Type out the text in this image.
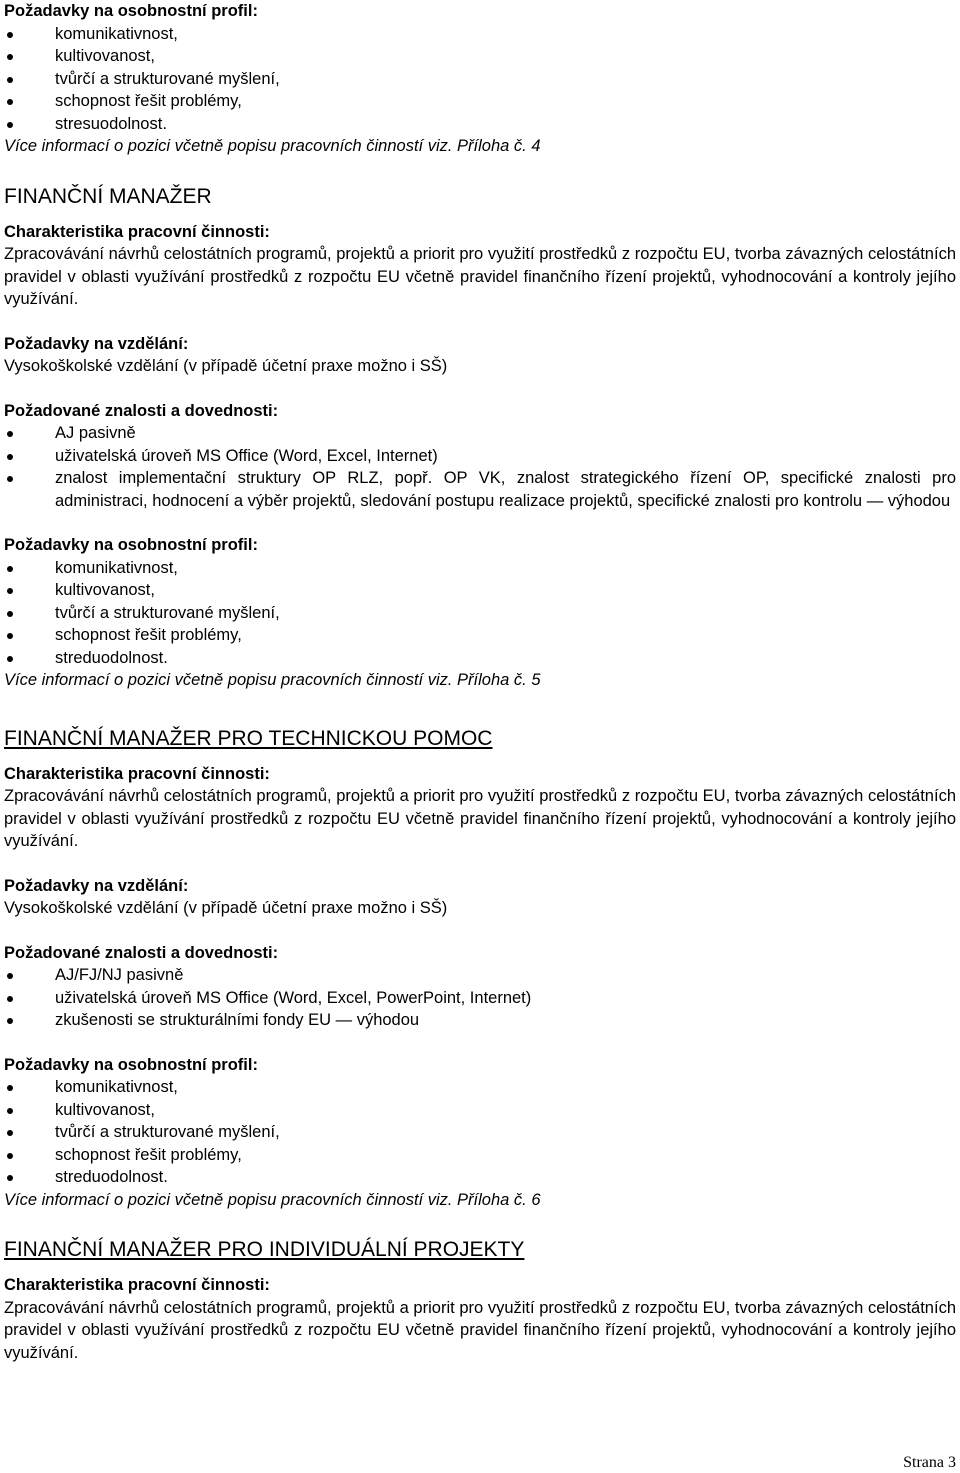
Požadavky na osobnostní profil:

komunikativnost,
kultivovanost,
tvůrčí a strukturované myšlení,
schopnost řešit problémy,
stresuodolnost.

Více informací o pozici včetně popisu pracovních činností viz. Příloha č. 4

FINANČNÍ MANAŽER

Charakteristika pracovní činnosti:

Zpracovávání návrhů celostátních programů, projektů a priorit pro využití prostředků z rozpočtu EU, tvorba závazných celostátních pravidel v oblasti využívání prostředků z rozpočtu EU včetně pravidel finančního řízení projektů, vyhodnocování a kontroly jejího využívání.

Požadavky na vzdělání:

Vysokoškolské vzdělání (v případě účetní praxe možno i SŠ)

Požadované znalosti a dovednosti:

AJ pasivně
uživatelská úroveň MS Office (Word, Excel, Internet)
znalost implementační struktury OP RLZ, popř. OP VK, znalost strategického řízení OP, specifické znalosti pro administraci, hodnocení a výběr projektů, sledování postupu realizace projektů, specifické znalosti pro kontrolu — výhodou

Požadavky na osobnostní profil:

komunikativnost,
kultivovanost,
tvůrčí a strukturované myšlení,
schopnost řešit problémy,
streduodolnost.

Více informací o pozici včetně popisu pracovních činností viz. Příloha č. 5

FINANČNÍ MANAŽER PRO TECHNICKOU POMOC

Charakteristika pracovní činnosti:

Zpracovávání návrhů celostátních programů, projektů a priorit pro využití prostředků z rozpočtu EU, tvorba závazných celostátních pravidel v oblasti využívání prostředků z rozpočtu EU včetně pravidel finančního řízení projektů, vyhodnocování a kontroly jejího využívání.

Požadavky na vzdělání:

Vysokoškolské vzdělání (v případě účetní praxe možno i SŠ)

Požadované znalosti a dovednosti:

AJ/FJ/NJ pasivně
uživatelská úroveň MS Office (Word, Excel, PowerPoint, Internet)
zkušenosti se strukturálními fondy EU — výhodou

Požadavky na osobnostní profil:

komunikativnost,
kultivovanost,
tvůrčí a strukturované myšlení,
schopnost řešit problémy,
streduodolnost.

Více informací o pozici včetně popisu pracovních činností viz. Příloha č. 6

FINANČNÍ MANAŽER PRO INDIVIDUÁLNÍ PROJEKTY

Charakteristika pracovní činnosti:

Zpracovávání návrhů celostátních programů, projektů a priorit pro využití prostředků z rozpočtu EU, tvorba závazných celostátních pravidel v oblasti využívání prostředků z rozpočtu EU včetně pravidel finančního řízení projektů, vyhodnocování a kontroly jejího využívání.

Strana 3
